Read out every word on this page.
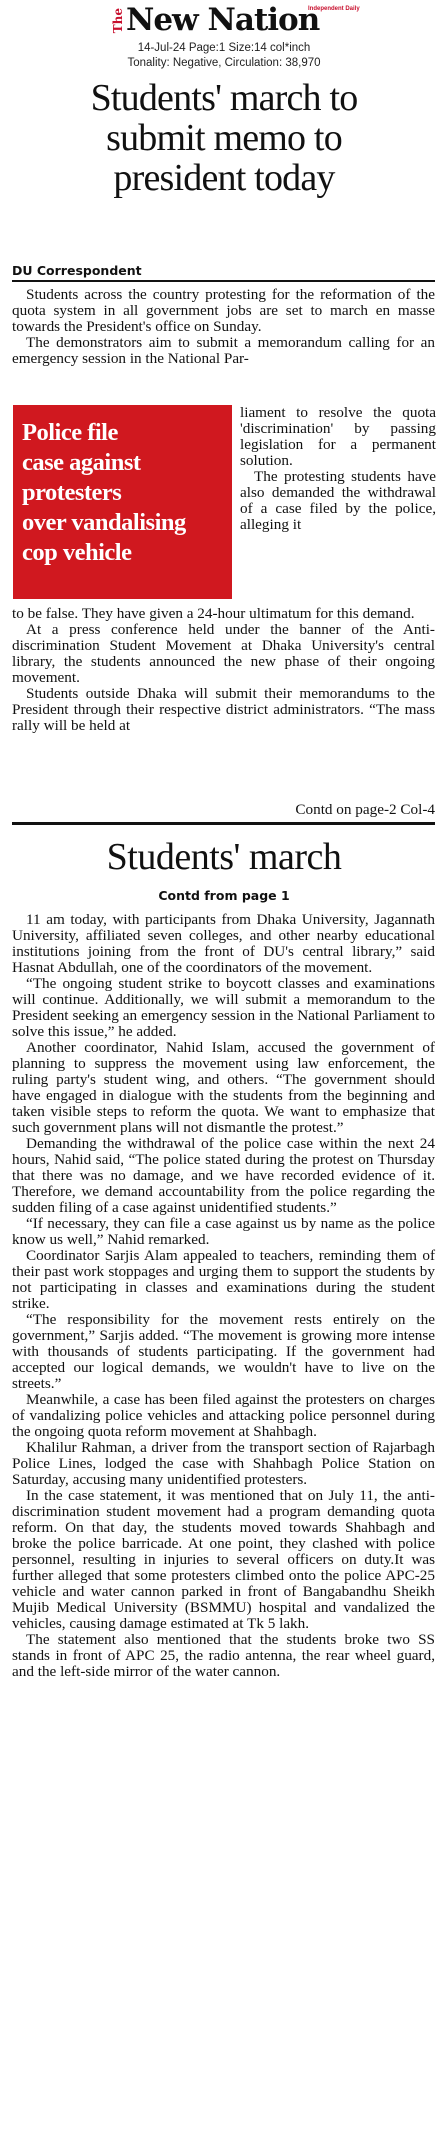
The New Nation
Independent Daily
14-Jul-24 Page:1 Size:14 col*inch
Tonality: Negative, Circulation: 38,970
Students' march to
submit memo to
president today
DU Correspondent

Students across the country protesting for the reformation of the quota system in all government jobs are set to march en masse towards the President's office on Sunday.

The demonstrators aim to submit a memorandum calling for an emergency session in the National Par-

Police file
case against
protesters
over vandalising
cop vehicle

liament to resolve the quota 'discrimination' by passing legislation for a permanent solution.

The protesting students have also demanded the withdrawal of a case filed by the police, alleging it

to be false. They have given a 24-hour ultimatum for this demand.

At a press conference held under the banner of the Anti-discrimination Student Movement at Dhaka University's central library, the students announced the new phase of their ongoing movement.

Students outside Dhaka will submit their memorandums to the President through their respective district administrators. “The mass rally will be held at

Contd on page-2 Col-4
Students' march
Contd from page 1

11 am today, with participants from Dhaka University, Jagannath University, affiliated seven colleges, and other nearby educational institutions joining from the front of DU's central library,” said Hasnat Abdullah, one of the coordinators of the movement.

“The ongoing student strike to boycott classes and examinations will continue. Additionally, we will submit a memorandum to the President seeking an emergency session in the National Parliament to solve this issue,” he added.

Another coordinator, Nahid Islam, accused the government of planning to suppress the movement using law enforcement, the ruling party's student wing, and others. “The government should have engaged in dialogue with the students from the beginning and taken visible steps to reform the quota. We want to emphasize that such government plans will not dismantle the protest.”

Demanding the withdrawal of the police case within the next 24 hours, Nahid said, “The police stated during the protest on Thursday that there was no damage, and we have recorded evidence of it. Therefore, we demand accountability from the police regarding the sudden filing of a case against unidentified students.”

“If necessary, they can file a case against us by name as the police know us well,” Nahid remarked.

Coordinator Sarjis Alam appealed to teachers, reminding them of their past work stoppages and urging them to support the students by not participating in classes and examinations during the student strike.

“The responsibility for the movement rests entirely on the government,” Sarjis added. “The movement is growing more intense with thousands of students participating. If the government had accepted our logical demands, we wouldn't have to live on the streets.”

Meanwhile, a case has been filed against the protesters on charges of vandalizing police vehicles and attacking police personnel during the ongoing quota reform movement at Shahbagh.

Khalilur Rahman, a driver from the transport section of Rajarbagh Police Lines, lodged the case with Shahbagh Police Station on Saturday, accusing many unidentified protesters.

In the case statement, it was mentioned that on July 11, the anti-discrimination student movement had a program demanding quota reform. On that day, the students moved towards Shahbagh and broke the police barricade. At one point, they clashed with police personnel, resulting in injuries to several officers on duty.It was further alleged that some protesters climbed onto the police APC-25 vehicle and water cannon parked in front of Bangabandhu Sheikh Mujib Medical University (BSMMU) hospital and vandalized the vehicles, causing damage estimated at Tk 5 lakh.

The statement also mentioned that the students broke two SS stands in front of APC 25, the radio antenna, the rear wheel guard, and the left-side mirror of the water cannon.
